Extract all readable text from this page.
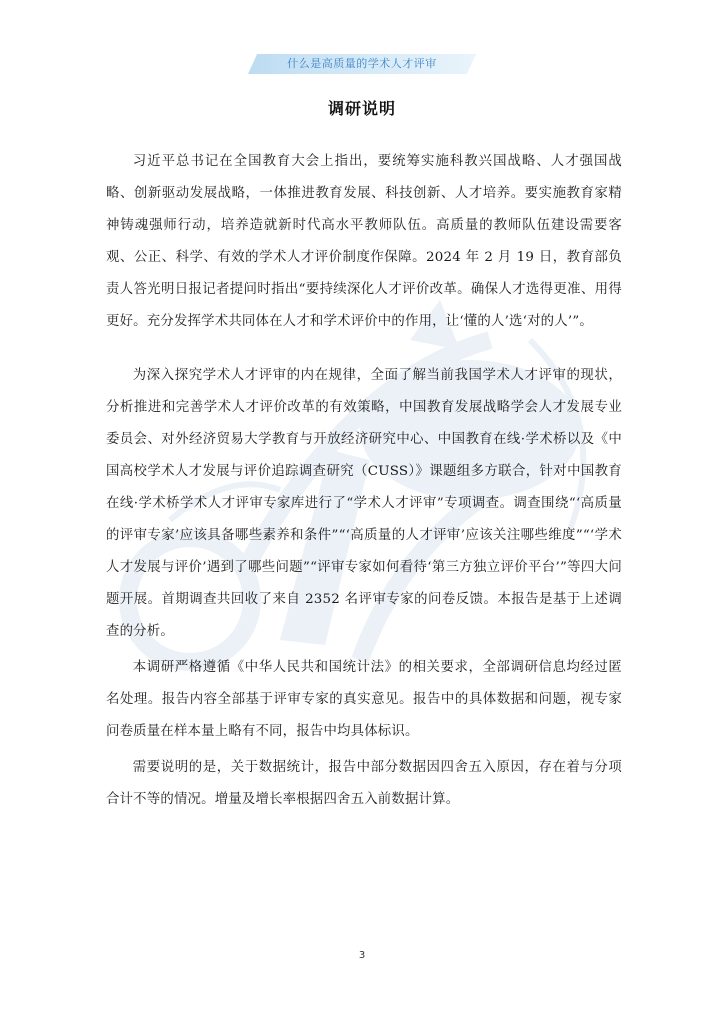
什么是高质量的学术人才评审
调研说明

习近平总书记在全国教育大会上指出，要统筹实施科教兴国战略、人才强国战略、创新驱动发展战略，一体推进教育发展、科技创新、人才培养。要实施教育家精神铸魂强师行动，培养造就新时代高水平教师队伍。高质量的教师队伍建设需要客观、公正、科学、有效的学术人才评价制度作保障。2024 年 2 月 19 日，教育部负责人答光明日报记者提问时指出“要持续深化人才评价改革。确保人才选得更准、用得更好。充分发挥学术共同体在人才和学术评价中的作用，让‘懂的人’选‘对的人’”。

为深入探究学术人才评审的内在规律，全面了解当前我国学术人才评审的现状，分析推进和完善学术人才评价改革的有效策略，中国教育发展战略学会人才发展专业委员会、对外经济贸易大学教育与开放经济研究中心、中国教育在线·学术桥以及《中国高校学术人才发展与评价追踪调查研究（CUSS）》课题组多方联合，针对中国教育在线·学术桥学术人才评审专家库进行了“学术人才评审”专项调查。调查围绕“‘高质量的评审专家’应该具备哪些素养和条件”“‘高质量的人才评审’应该关注哪些维度”“‘学术人才发展与评价’遇到了哪些问题”“评审专家如何看待‘第三方独立评价平台’”等四大问题开展。首期调查共回收了来自 2352 名评审专家的问卷反馈。本报告是基于上述调查的分析。

本调研严格遵循《中华人民共和国统计法》的相关要求，全部调研信息均经过匿名处理。报告内容全部基于评审专家的真实意见。报告中的具体数据和问题，视专家问卷质量在样本量上略有不同，报告中均具体标识。

需要说明的是，关于数据统计，报告中部分数据因四舍五入原因，存在着与分项合计不等的情况。增量及增长率根据四舍五入前数据计算。

3
